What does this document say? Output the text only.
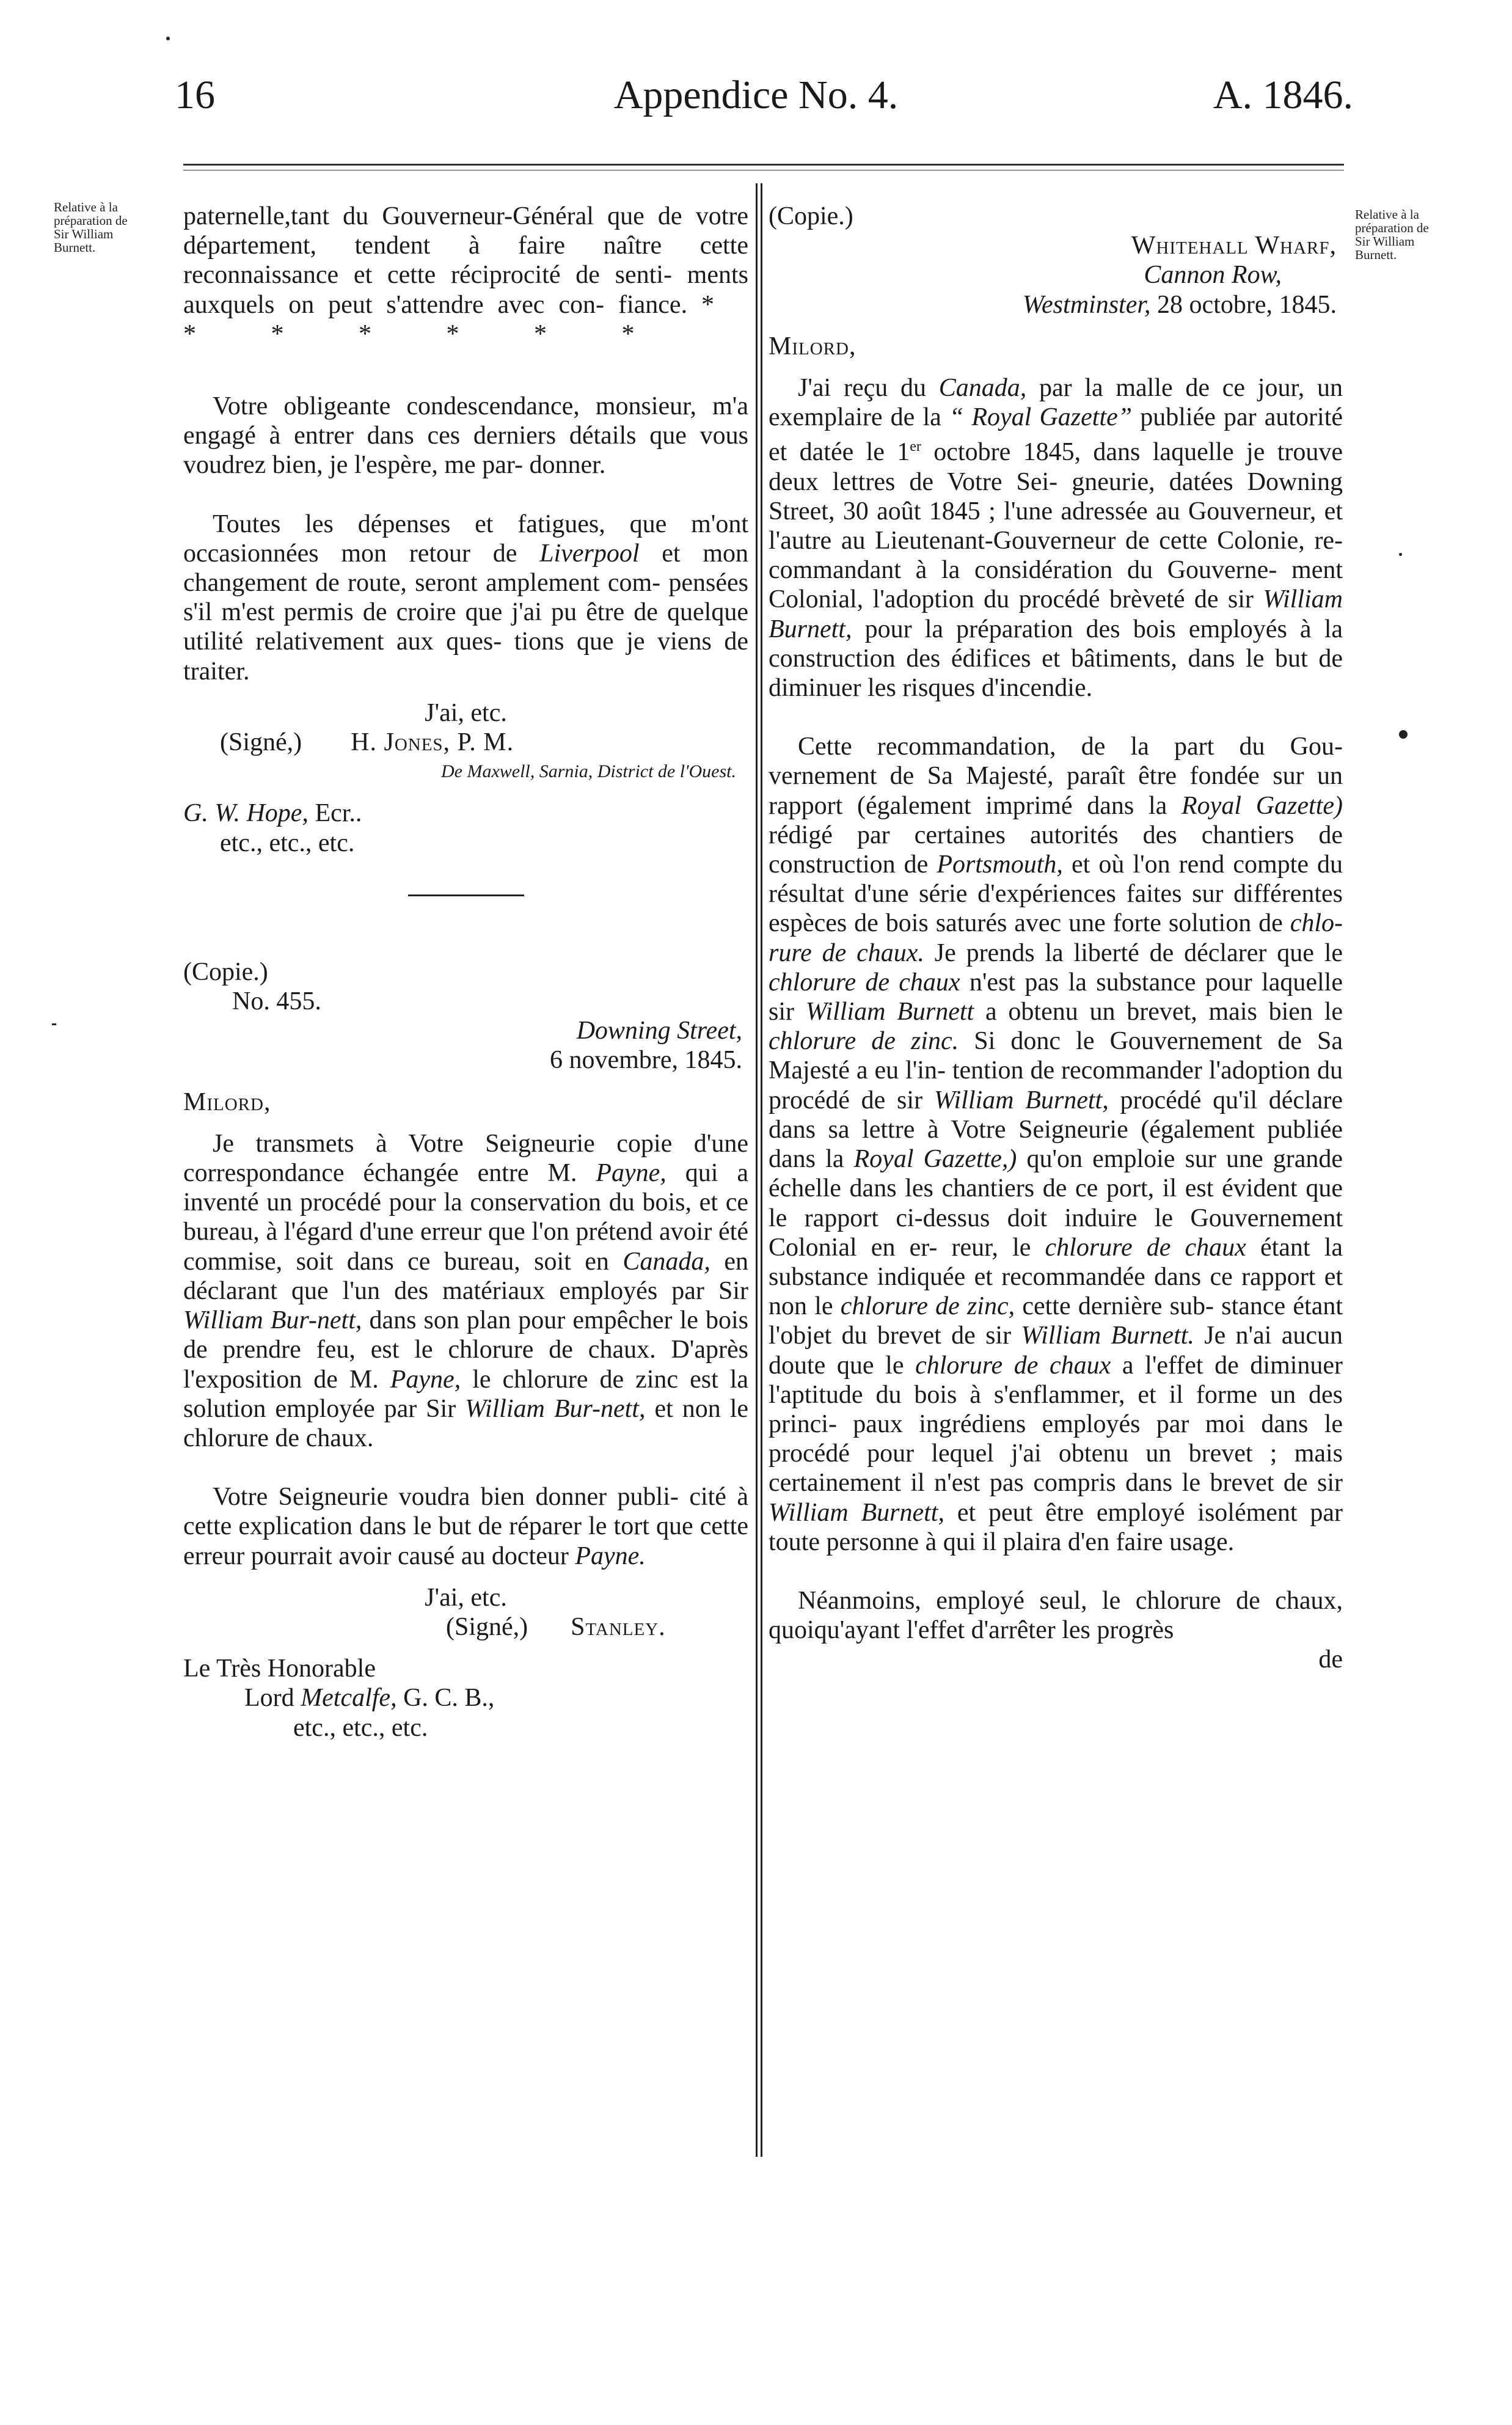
Appendice No. 4.
16	A. 1846.
Relative à la
préparation de
Sir William
Burnett.
Relative à la
préparation de
Sir William
Burnett.

paternelle,tant du Gouverneur-Général que de votre département, tendent à faire naître cette reconnaissance et cette réciprocité de senti- ments auxquels on peut s'attendre avec con- fiance. * * * * * * *

Votre obligeante condescendance, monsieur, m'a engagé à entrer dans ces derniers détails que vous voudrez bien, je l'espère, me par- donner.

Toutes les dépenses et fatigues, que m'ont occasionnées mon retour de Liverpool et mon changement de route, seront amplement com- pensées s'il m'est permis de croire que j'ai pu être de quelque utilité relativement aux ques- tions que je viens de traiter.

J'ai, etc.

(Signé,) H. Jones, P. M.

De Maxwell, Sarnia, District de l'Ouest.

G. W. Hope, Ecr..

etc., etc., etc.

(Copie.)

No. 455.

Downing Street,

6 novembre, 1845.

Milord,

Je transmets à Votre Seigneurie copie d'une correspondance échangée entre M. Payne, qui a inventé un procédé pour la conservation du bois, et ce bureau, à l'égard d'une erreur que l'on prétend avoir été commise, soit dans ce bureau, soit en Canada, en déclarant que l'un des matériaux employés par Sir William Bur-nett, dans son plan pour empêcher le bois de prendre feu, est le chlorure de chaux. D'après l'exposition de M. Payne, le chlorure de zinc est la solution employée par Sir William Bur-nett, et non le chlorure de chaux.

Votre Seigneurie voudra bien donner publi- cité à cette explication dans le but de réparer le tort que cette erreur pourrait avoir causé au docteur Payne.

J'ai, etc.

(Signé,) Stanley.

Le Très Honorable

Lord Metcalfe, G. C. B.,

etc., etc., etc.

(Copie.)

Whitehall Wharf,

Cannon Row,

Westminster, 28 octobre, 1845.

Milord,

J'ai reçu du Canada, par la malle de ce jour, un exemplaire de la “ Royal Gazette” publiée par autorité et datée le 1er octobre 1845, dans laquelle je trouve deux lettres de Votre Sei- gneurie, datées Downing Street, 30 août 1845 ; l'une adressée au Gouverneur, et l'autre au Lieutenant-Gouverneur de cette Colonie, re- commandant à la considération du Gouverne- ment Colonial, l'adoption du procédé brèveté de sir William Burnett, pour la préparation des bois employés à la construction des édifices et bâtiments, dans le but de diminuer les risques d'incendie.

Cette recommandation, de la part du Gou- vernement de Sa Majesté, paraît être fondée sur un rapport (également imprimé dans la Royal Gazette) rédigé par certaines autorités des chantiers de construction de Portsmouth, et où l'on rend compte du résultat d'une série d'expériences faites sur différentes espèces de bois saturés avec une forte solution de chlo-rure de chaux. Je prends la liberté de déclarer que le chlorure de chaux n'est pas la substance pour laquelle sir William Burnett a obtenu un brevet, mais bien le chlorure de zinc. Si donc le Gouvernement de Sa Majesté a eu l'in- tention de recommander l'adoption du procédé de sir William Burnett, procédé qu'il déclare dans sa lettre à Votre Seigneurie (également publiée dans la Royal Gazette,) qu'on emploie sur une grande échelle dans les chantiers de ce port, il est évident que le rapport ci-dessus doit induire le Gouvernement Colonial en er- reur, le chlorure de chaux étant la substance indiquée et recommandée dans ce rapport et non le chlorure de zinc, cette dernière sub- stance étant l'objet du brevet de sir William Burnett. Je n'ai aucun doute que le chlorure de chaux a l'effet de diminuer l'aptitude du bois à s'enflammer, et il forme un des princi- paux ingrédiens employés par moi dans le procédé pour lequel j'ai obtenu un brevet ; mais certainement il n'est pas compris dans le brevet de sir William Burnett, et peut être employé isolément par toute personne à qui il plaira d'en faire usage.

Néanmoins, employé seul, le chlorure de chaux, quoiqu'ayant l'effet d'arrêter les progrès

de
